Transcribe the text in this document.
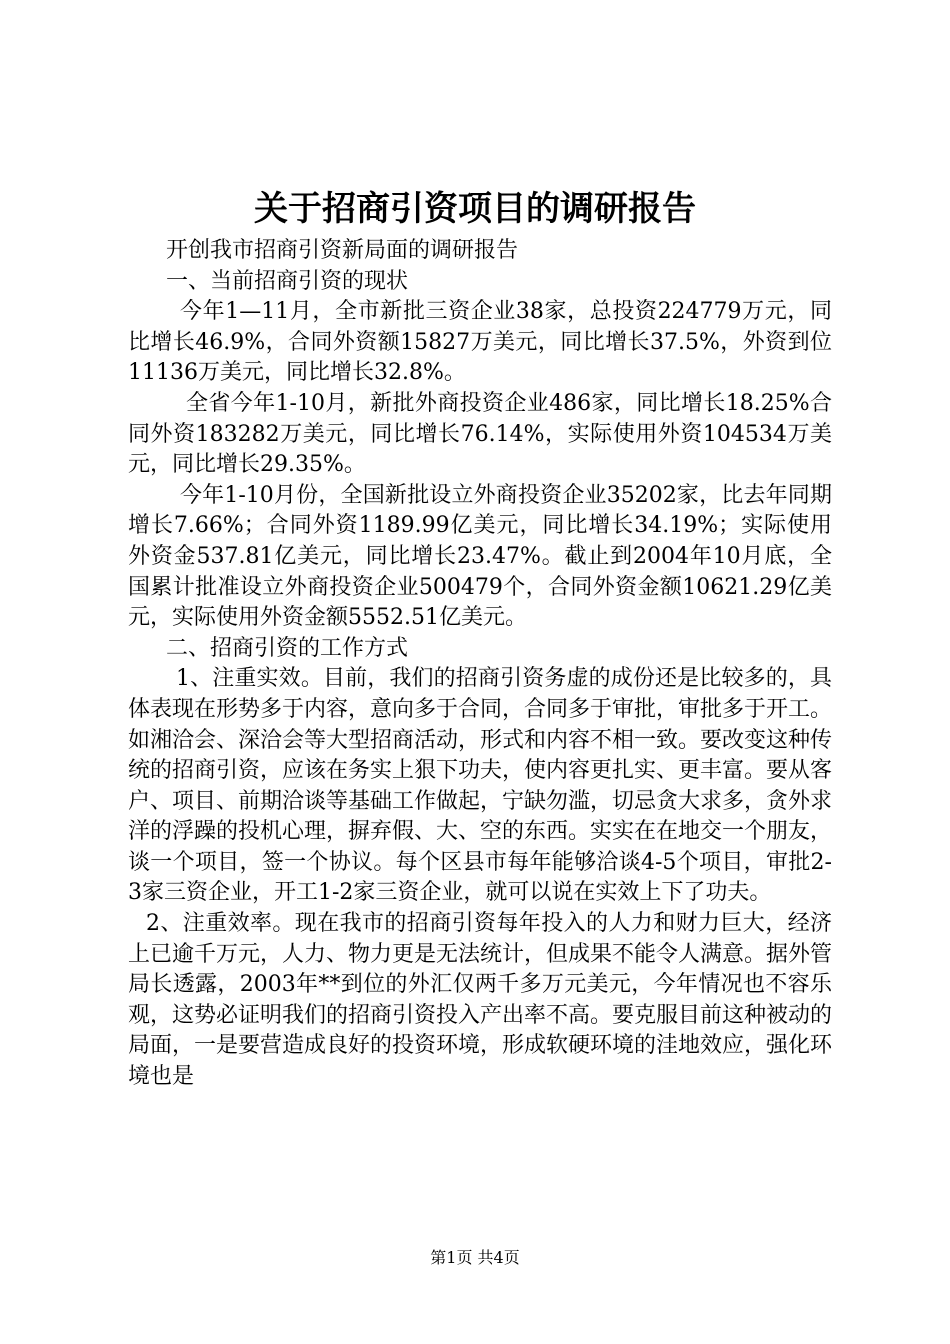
关于招商引资项目的调研报告

开创我市招商引资新局面的调研报告

一、当前招商引资的现状

今年1—11月，全市新批三资企业38家，总投资224779万元，同比增长46.9%，合同外资额15827万美元，同比增长37.5%，外资到位11136万美元，同比增长32.8%。

全省今年1-10月，新批外商投资企业486家，同比增长18.25%合同外资183282万美元，同比增长76.14%，实际使用外资104534万美元，同比增长29.35%。

今年1-10月份，全国新批设立外商投资企业35202家，比去年同期增长7.66%；合同外资1189.99亿美元，同比增长34.19%；实际使用外资金537.81亿美元，同比增长23.47%。截止到2004年10月底，全国累计批准设立外商投资企业500479个，合同外资金额10621.29亿美元，实际使用外资金额5552.51亿美元。

二、招商引资的工作方式

1、注重实效。目前，我们的招商引资务虚的成份还是比较多的，具体表现在形势多于内容，意向多于合同，合同多于审批，审批多于开工。如湘洽会、深洽会等大型招商活动，形式和内容不相一致。要改变这种传统的招商引资，应该在务实上狠下功夫，使内容更扎实、更丰富。要从客户、项目、前期洽谈等基础工作做起，宁缺勿滥，切忌贪大求多，贪外求洋的浮躁的投机心理，摒弃假、大、空的东西。实实在在地交一个朋友，谈一个项目，签一个协议。每个区县市每年能够洽谈4-5个项目，审批2-3家三资企业，开工1-2家三资企业，就可以说在实效上下了功夫。

2、注重效率。现在我市的招商引资每年投入的人力和财力巨大，经济上已逾千万元，人力、物力更是无法统计，但成果不能令人满意。据外管局长透露，2003年**到位的外汇仅两千多万元美元，今年情况也不容乐观，这势必证明我们的招商引资投入产出率不高。要克服目前这种被动的局面，一是要营造成良好的投资环境，形成软硬环境的洼地效应，强化环境也是

第1页 共4页
